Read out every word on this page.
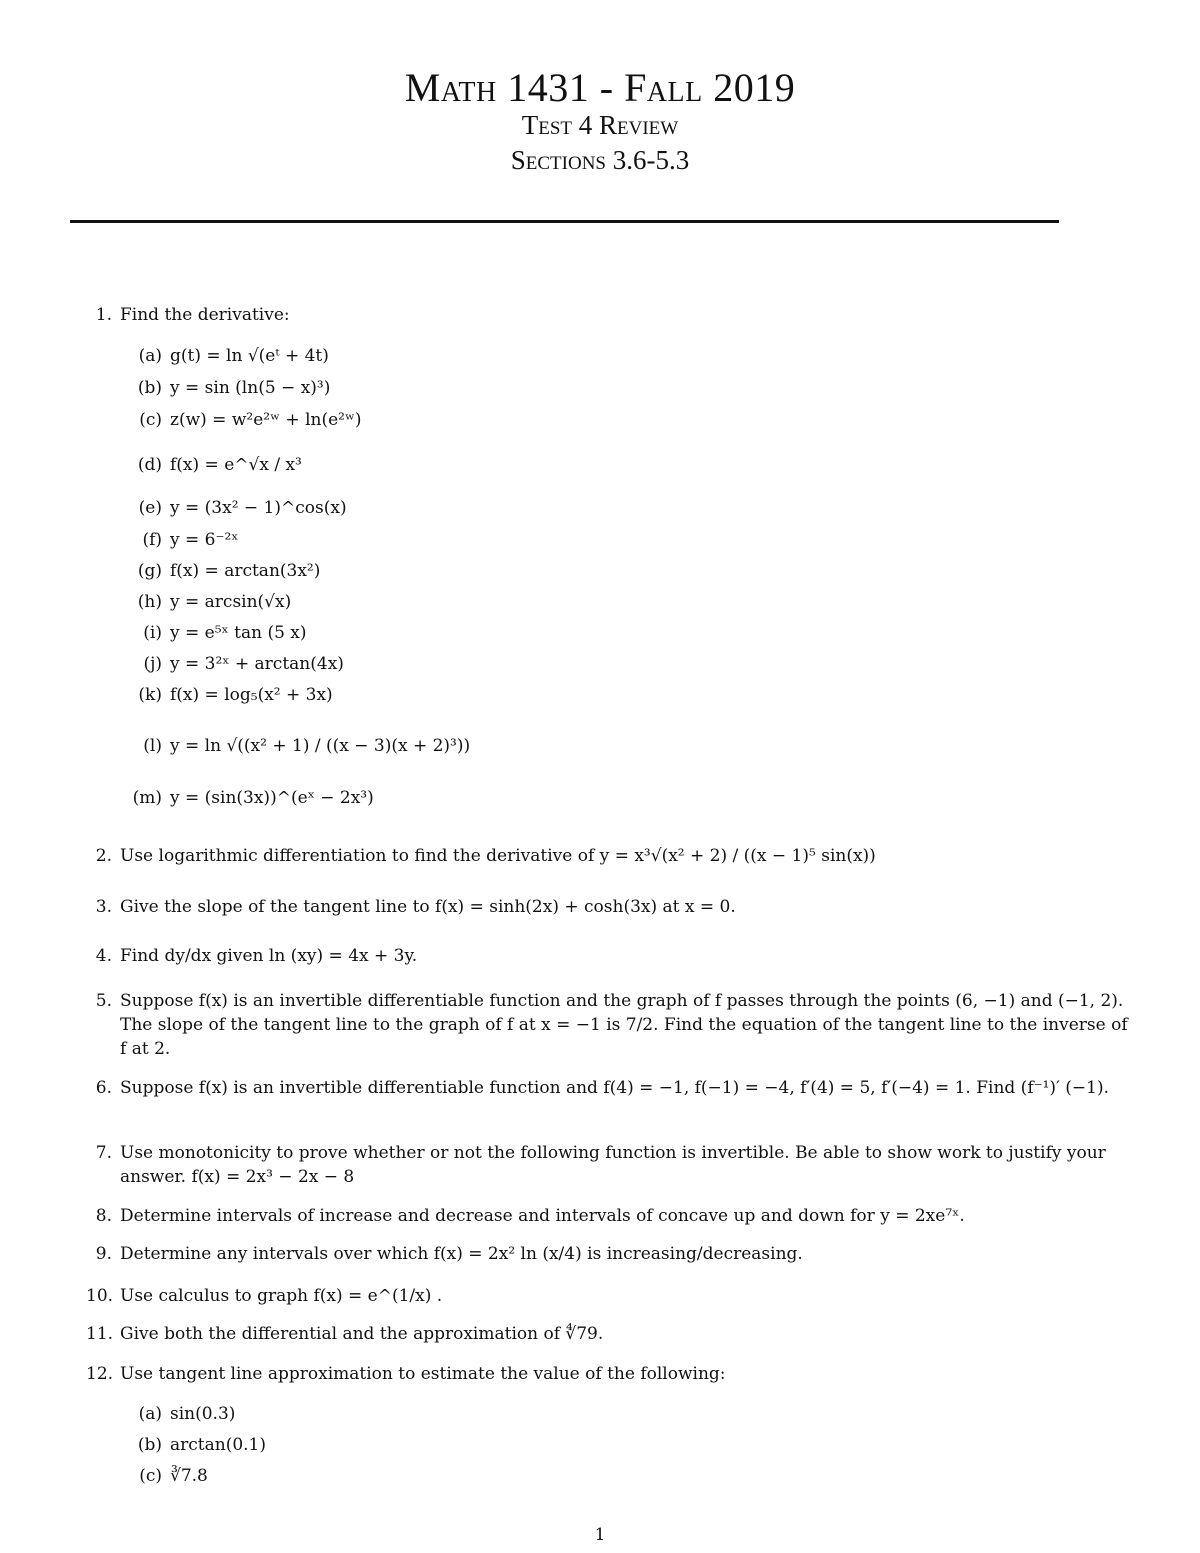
Math 1431 - Fall 2019
Test 4 Review
Sections 3.6-5.3
1. Find the derivative:
(a) g(t) = ln √(eᵗ + 4t)
(b) y = sin (ln(5 − x)³)
(c) z(w) = w²e²ʷ + ln(e²ʷ)
(d) f(x) = e^√x / x³
(e) y = (3x² − 1)^cos(x)
(f) y = 6⁻²ˣ
(g) f(x) = arctan(3x²)
(h) y = arcsin(√x)
(i) y = e⁵ˣ tan (5 x)
(j) y = 3²ˣ + arctan(4x)
(k) f(x) = log₅(x² + 3x)
(l) y = ln √((x² + 1) / ((x − 3)(x + 2)³))
(m) y = (sin(3x))^(eˣ − 2x³)
2. Use logarithmic differentiation to find the derivative of y = x³√(x² + 2) / ((x − 1)⁵ sin(x))
3. Give the slope of the tangent line to f(x) = sinh(2x) + cosh(3x) at x = 0.
4. Find dy/dx given ln (xy) = 4x + 3y.
5. Suppose f(x) is an invertible differentiable function and the graph of f passes through the points (6, −1) and (−1, 2). The slope of the tangent line to the graph of f at x = −1 is 7/2. Find the equation of the tangent line to the inverse of f at 2.
6. Suppose f(x) is an invertible differentiable function and f(4) = −1, f(−1) = −4, f′(4) = 5, f′(−4) = 1. Find (f⁻¹)′ (−1).
7. Use monotonicity to prove whether or not the following function is invertible. Be able to show work to justify your answer. f(x) = 2x³ − 2x − 8
8. Determine intervals of increase and decrease and intervals of concave up and down for y = 2xe⁷ˣ.
9. Determine any intervals over which f(x) = 2x² ln (x/4) is increasing/decreasing.
10. Use calculus to graph f(x) = e^(1/x) .
11. Give both the differential and the approximation of ∜79.
12. Use tangent line approximation to estimate the value of the following:
(a) sin(0.3)
(b) arctan(0.1)
(c) ∛7.8
1
